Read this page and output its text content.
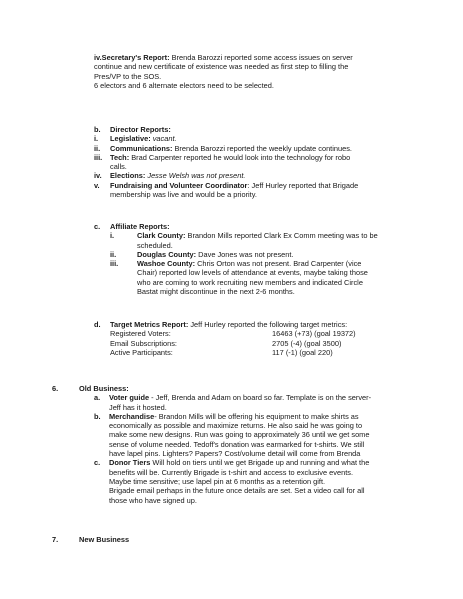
iv.Secretary's Report: Brenda Barozzi reported some access issues on server
continue and new certificate of existence was needed as first step to filling the
Pres/VP to the SOS.
6 electors and 6 alternate electors need to be selected.
b. Director Reports:
i. Legislative: vacant.
ii. Communications: Brenda Barozzi reported the weekly update continues.
iii. Tech: Brad Carpenter reported he would look into the technology for robo
calls.
iv. Elections: Jesse Welsh was not present.
v. Fundraising and Volunteer Coordinator: Jeff Hurley reported that Brigade
membership was live and would be a priority.
c. Affiliate Reports:
i.	Clark County: Brandon Mills reported Clark Ex Comm meeting was to be
scheduled.
ii.	Douglas County: Dave Jones was not present.
iii.	Washoe County: Chris Orton was not present. Brad Carpenter (vice
Chair) reported low levels of attendance at events, maybe taking those
who are coming to work recruiting new members and indicated Circle
Bastat might discontinue in the next 2-6 months.
d. Target Metrics Report: Jeff Hurley reported the following target metrics:
Registered Voters:	16463 (+73) (goal 19372)
Email Subscriptions:	2705 (-4) (goal 3500)
Active Participants:	117 (-1) (goal 220)
6.	Old Business:
a. Voter guide - Jeff, Brenda and Adam on board so far. Template is on the server-
Jeff has it hosted.
b. Merchandise- Brandon Mills will be offering his equipment to make shirts as
economically as possible and maximize returns. He also said he was going to
make some new designs. Run was going to approximately 36 until we get some
sense of volume needed. Tedoff's donation was earmarked for t-shirts. We still
have lapel pins. Lighters? Papers? Cost/volume detail will come from Brenda
c. Donor Tiers Will hold on tiers until we get Brigade up and running and what the
benefits will be. Currently Brigade is t-shirt and access to exclusive events.
Maybe time sensitive; use lapel pin at 6 months as a retention gift.
Brigade email perhaps in the future once details are set. Set a video call for all
those who have signed up.
7.	New Business
